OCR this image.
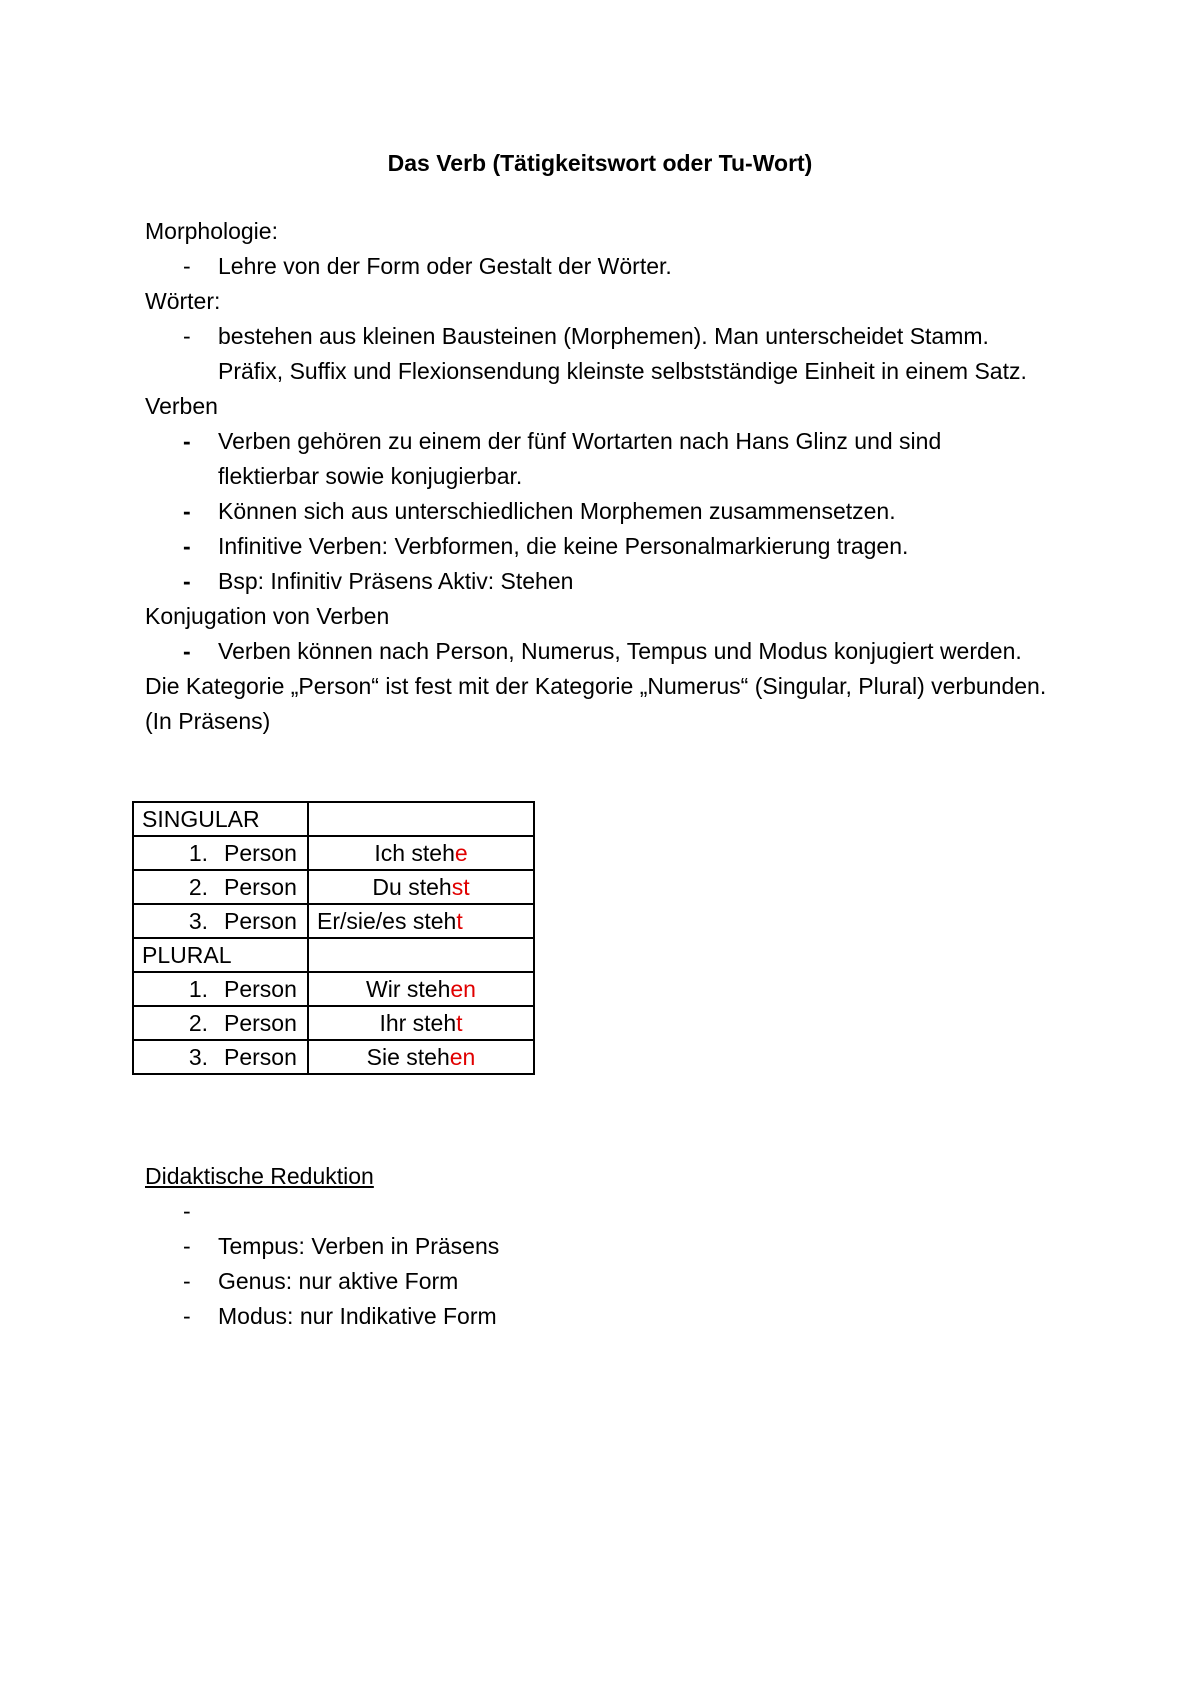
Das Verb (Tätigkeitswort oder Tu-Wort)
Morphologie:
-	Lehre von der Form oder Gestalt der Wörter.
Wörter:
-	bestehen aus kleinen Bausteinen (Morphemen). Man unterscheidet Stamm. Präfix, Suffix und Flexionsendung kleinste selbstständige Einheit in einem Satz.
Verben
-	Verben gehören zu einem der fünf Wortarten nach Hans Glinz und sind flektierbar sowie konjugierbar.
-	Können sich aus unterschiedlichen Morphemen zusammensetzen.
-	Infinitive Verben: Verbformen, die keine Personalmarkierung tragen.
-	Bsp: Infinitiv Präsens Aktiv: Stehen
Konjugation von Verben
-	Verben können nach Person, Numerus, Tempus und Modus konjugiert werden.
Die Kategorie „Person“ ist fest mit der Kategorie „Numerus“ (Singular, Plural) verbunden. (In Präsens)
SINGULAR	
1. Person	Ich stehe
2. Person	Du stehst
3. Person	Er/sie/es steht
PLURAL	
1. Person	Wir stehen
2. Person	Ihr steht
3. Person	Sie stehen
Didaktische Reduktion
-

-	Tempus: Verben in Präsens
-	Genus: nur aktive Form
-	Modus: nur Indikative Form
